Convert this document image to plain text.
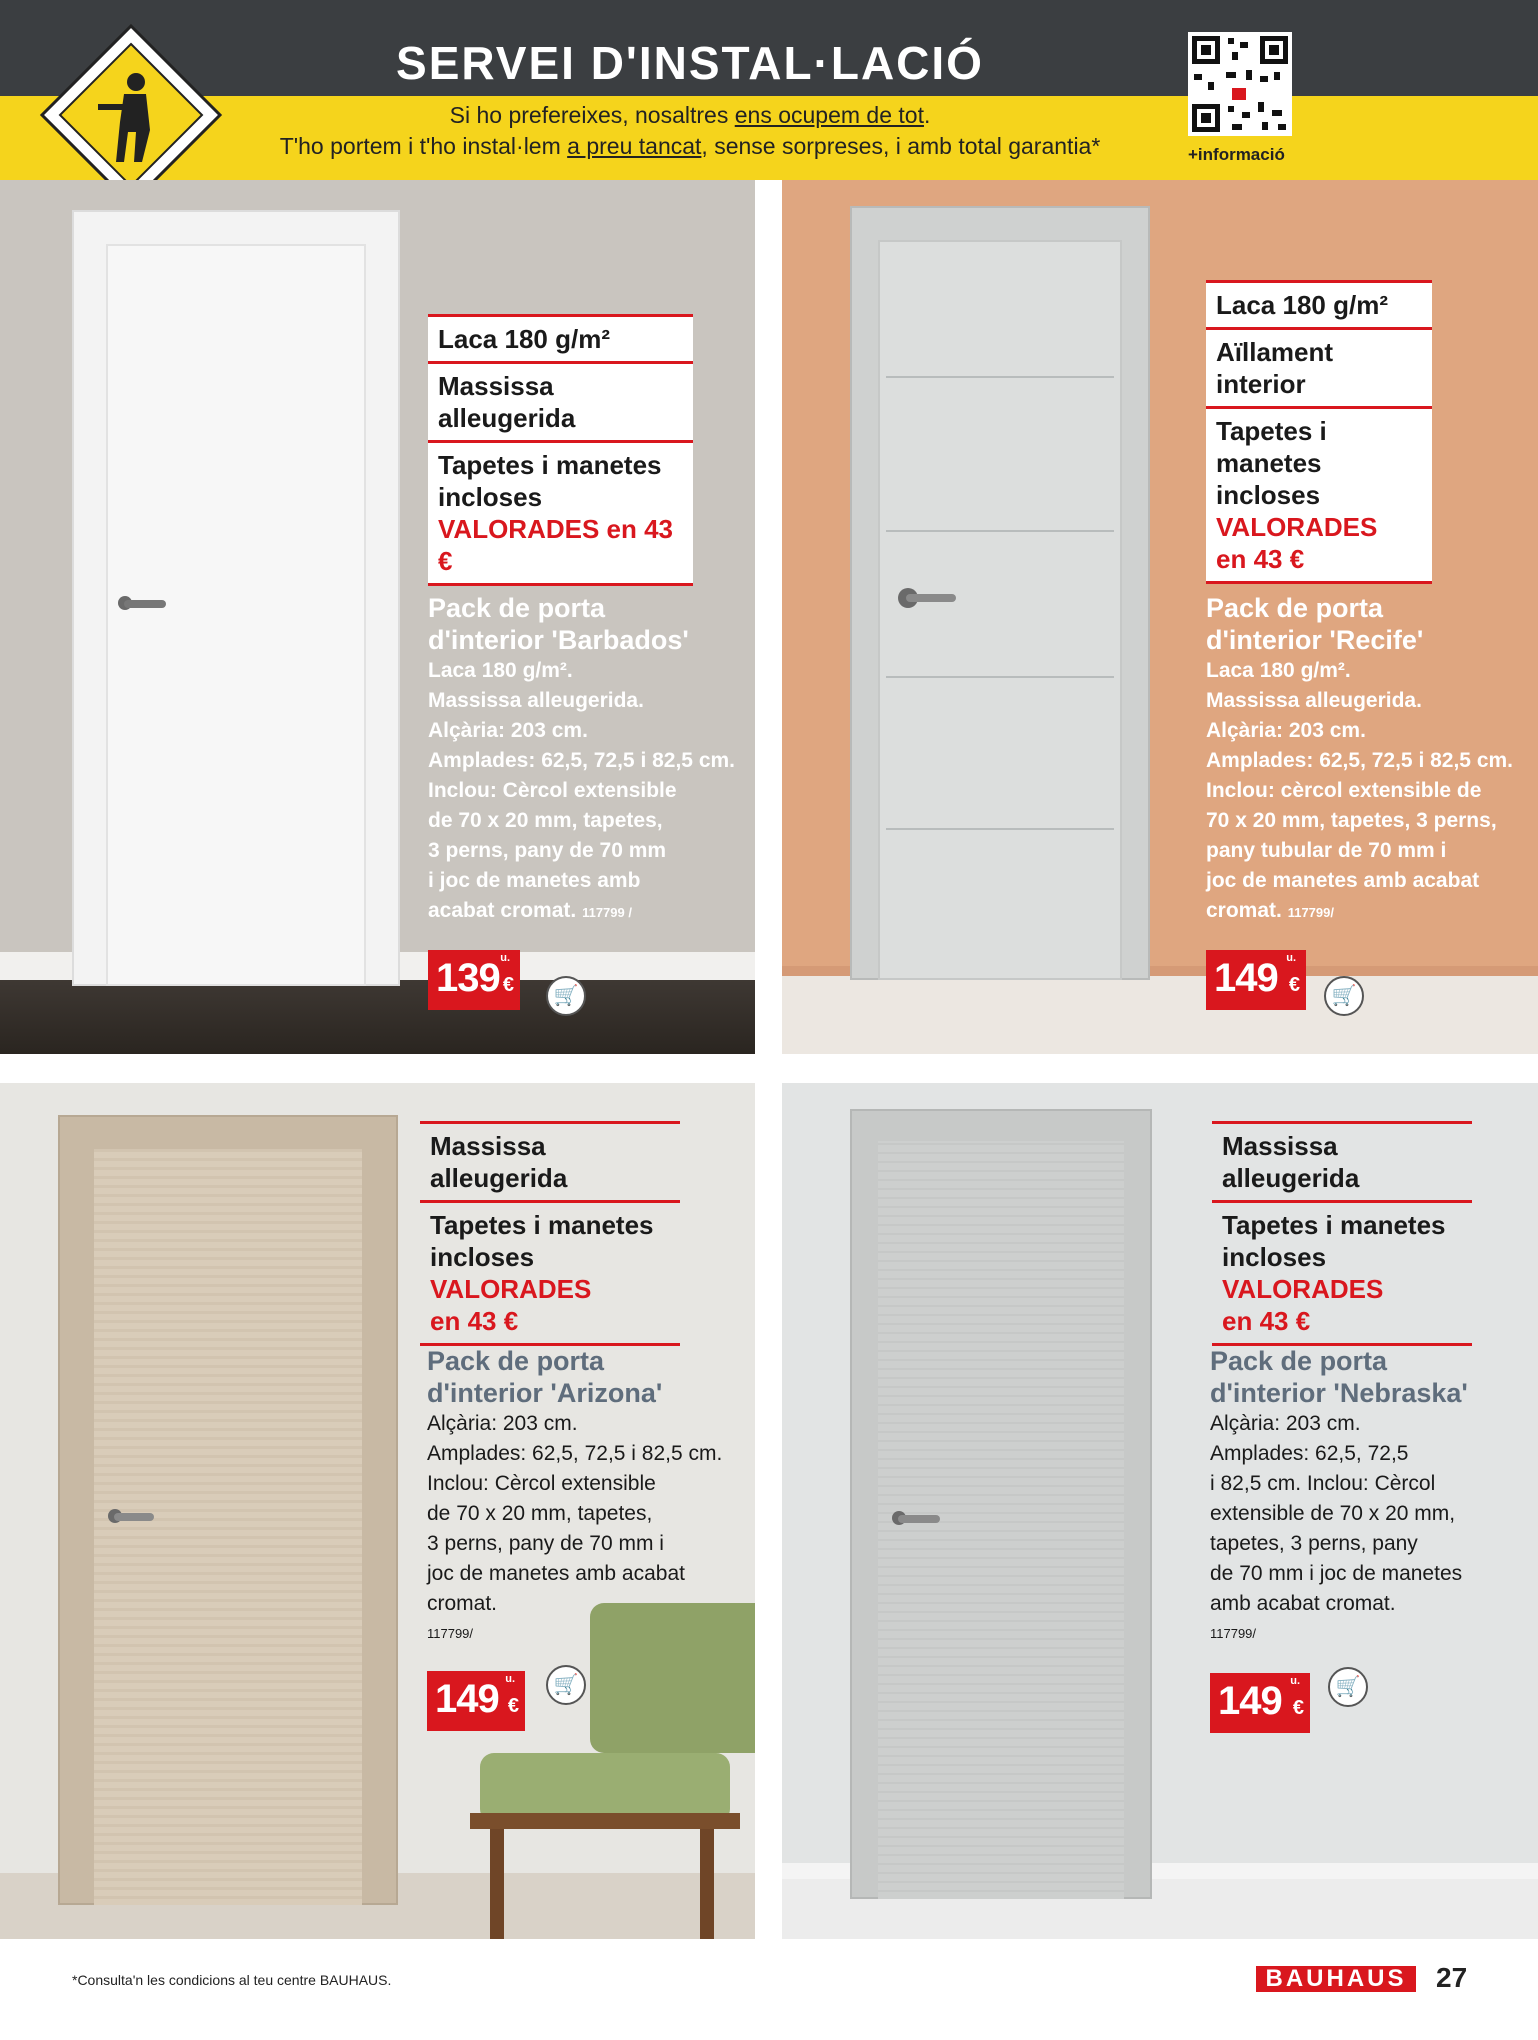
SERVEI D'INSTAL·LACIÓ
Si ho prefereixes, nosaltres ens ocupem de tot.
T'ho portem i t'ho instal·lem a preu tancat, sense sorpreses, i amb total garantia*	+informació
Laca 180 g/m²
Massissa alleugerida
Tapetes i manetes incloses
VALORADES en 43 €
Pack de porta
d'interior 'Barbados'
Laca 180 g/m².
Massissa alleugerida.
Alçària: 203 cm.
Amplades: 62,5, 72,5 i 82,5 cm.
Inclou: Cèrcol extensible
de 70 x 20 mm, tapetes,
3 perns, pany de 70 mm
i joc de manetes amb
acabat cromat. 117799 /
139 u.
€	🛒
Laca 180 g/m²
Aïllament interior
Tapetes i manetes incloses
VALORADES
en 43 €
Pack de porta
d'interior 'Recife'
Laca 180 g/m².
Massissa alleugerida.
Alçària: 203 cm.
Amplades: 62,5, 72,5 i 82,5 cm.
Inclou: cèrcol extensible de
70 x 20 mm, tapetes, 3 perns,
pany tubular de 70 mm i
joc de manetes amb acabat
cromat. 117799/
149 u.
€	🛒
Massissa alleugerida
Tapetes i manetes incloses
VALORADES
en 43 €
Pack de porta
d'interior 'Arizona'
Alçària: 203 cm.
Amplades: 62,5, 72,5 i 82,5 cm.
Inclou: Cèrcol extensible
de 70 x 20 mm, tapetes,
3 perns, pany de 70 mm i
joc de manetes amb acabat
cromat.
117799/
149 u.
€
🛒
Massissa alleugerida
Tapetes i manetes incloses
VALORADES
en 43 €
Pack de porta
d'interior 'Nebraska'
Alçària: 203 cm.
Amplades: 62,5, 72,5
i 82,5 cm. Inclou: Cèrcol
extensible de 70 x 20 mm,
tapetes, 3 perns, pany
de 70 mm i joc de manetes
amb acabat cromat.
117799/
149 u.
€
🛒
*Consulta'n les condicions al teu centre BAUHAUS.	BAUHAUS	27
